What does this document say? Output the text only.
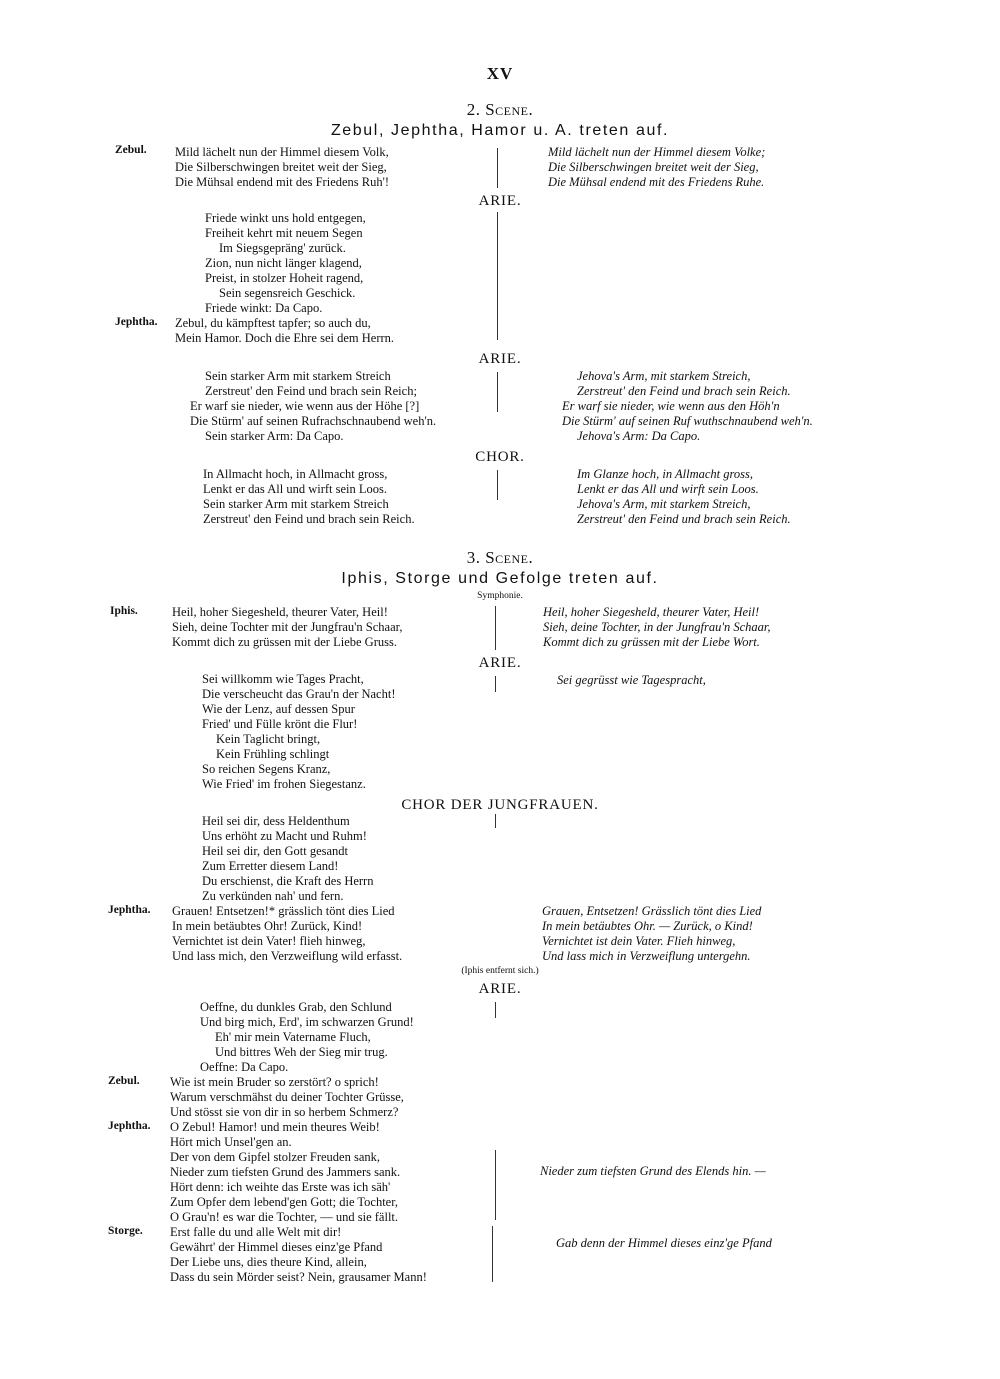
XV
2. Scene.
Zebul, Jephtha, Hamor u. A. treten auf.
Zebul. Mild lächelt nun der Himmel diesem Volk,
Die Silberschwingen breitet weit der Sieg,
Die Mühsal endend mit des Friedens Ruh'!
Mild lächelt nun der Himmel diesem Volke;
Die Silberschwingen breitet weit der Sieg,
Die Mühsal endend mit des Friedens Ruhe.
ARIE.
Friede winkt uns hold entgegen,
Freiheit kehrt mit neuem Segen
Im Siegsgepräng' zurück.
Zion, nun nicht länger klagend,
Preist, in stolzer Hoheit ragend,
Sein segensreich Geschick.
Friede winkt: Da Capo.
Jephtha. Zebul, du kämpftest tapfer; so auch du,
Mein Hamor. Doch die Ehre sei dem Herrn.
ARIE.
Sein starker Arm mit starkem Streich
Zerstreut' den Feind und brach sein Reich;
Er warf sie nieder, wie wenn aus der Höhe [?]
Die Stürm' auf seinen Rufrachschnaubend weh'n.
Sein starker Arm: Da Capo.
Jehova's Arm, mit starkem Streich,
Zerstreut' den Feind und brach sein Reich.
Er warf sie nieder, wie wenn aus den Höh'n
Die Stürm' auf seinen Ruf wuthschnaubend weh'n.
Jehova's Arm: Da Capo.
CHOR.
In Allmacht hoch, in Allmacht gross,
Lenkt er das All und wirft sein Loos.
Sein starker Arm mit starkem Streich
Zerstreut' den Feind und brach sein Reich.
Im Glanze hoch, in Allmacht gross,
Lenkt er das All und wirft sein Loos.
Jehova's Arm, mit starkem Streich,
Zerstreut' den Feind und brach sein Reich.
3. Scene.
Iphis, Storge und Gefolge treten auf.
Symphonie.
Iphis.	Heil, hoher Siegesheld, theurer Vater, Heil!
Sieh, deine Tochter mit der Jungfrau'n Schaar,
Kommt dich zu grüssen mit der Liebe Gruss.
Heil, hoher Siegesheld, theurer Vater, Heil!
Sieh, deine Tochter, in der Jungfrau'n Schaar,
Kommt dich zu grüssen mit der Liebe Wort.
ARIE.
Sei willkomm wie Tages Pracht,
Die verscheucht das Grau'n der Nacht!
Wie der Lenz, auf dessen Spur
Fried' und Fülle krönt die Flur!
Kein Taglicht bringt,
Kein Frühling schlingt
So reichen Segens Kranz,
Wie Fried' im frohen Siegestanz.
Sei gegrüsst wie Tagespracht,
CHOR DER JUNGFRAUEN.
Heil sei dir, dess Heldenthum
Uns erhöht zu Macht und Ruhm!
Heil sei dir, den Gott gesandt
Zum Erretter diesem Land!
Du erschienst, die Kraft des Herrn
Zu verkünden nah' und fern.
Jephtha. Grauen! Entsetzen!* grässlich tönt dies Lied
In mein betäubtes Ohr! Zurück, Kind!
Vernichtet ist dein Vater! flieh hinweg,
Und lass mich, den Verzweiflung wild erfasst.
Grauen, Entsetzen! Grässlich tönt dies Lied
In mein betäubtes Ohr. — Zurück, o Kind!
Vernichtet ist dein Vater. Flieh hinweg,
Und lass mich in Verzweiflung untergehn.
(Iphis entfernt sich.)
ARIE.
Oeffne, du dunkles Grab, den Schlund
Und birg mich, Erd', im schwarzen Grund!
Eh' mir mein Vatername Fluch,
Und bittres Weh der Sieg mir trug.
Oeffne: Da Capo.
Zebul. Wie ist mein Bruder so zerstört? o sprich!
Warum verschmähst du deiner Tochter Grüsse,
Und stösst sie von dir in so herbem Schmerz?
Jephtha. O Zebul! Hamor! und mein theures Weib!
Hört mich Unsel'gen an.
Der von dem Gipfel stolzer Freuden sank,
Nieder zum tiefsten Grund des Jammers sank.
Hört denn: ich weihte das Erste was ich säh'
Zum Opfer dem lebend'gen Gott; die Tochter,
O Grau'n! es war die Tochter, — und sie fällt.
Nieder zum tiefsten Grund des Elends hin. —
Storge. Erst falle du und alle Welt mit dir!
Gewährt' der Himmel dieses einz'ge Pfand
Der Liebe uns, dies theure Kind, allein,
Dass du sein Mörder seist? Nein, grausamer Mann!
Gab denn der Himmel dieses einz'ge Pfand
